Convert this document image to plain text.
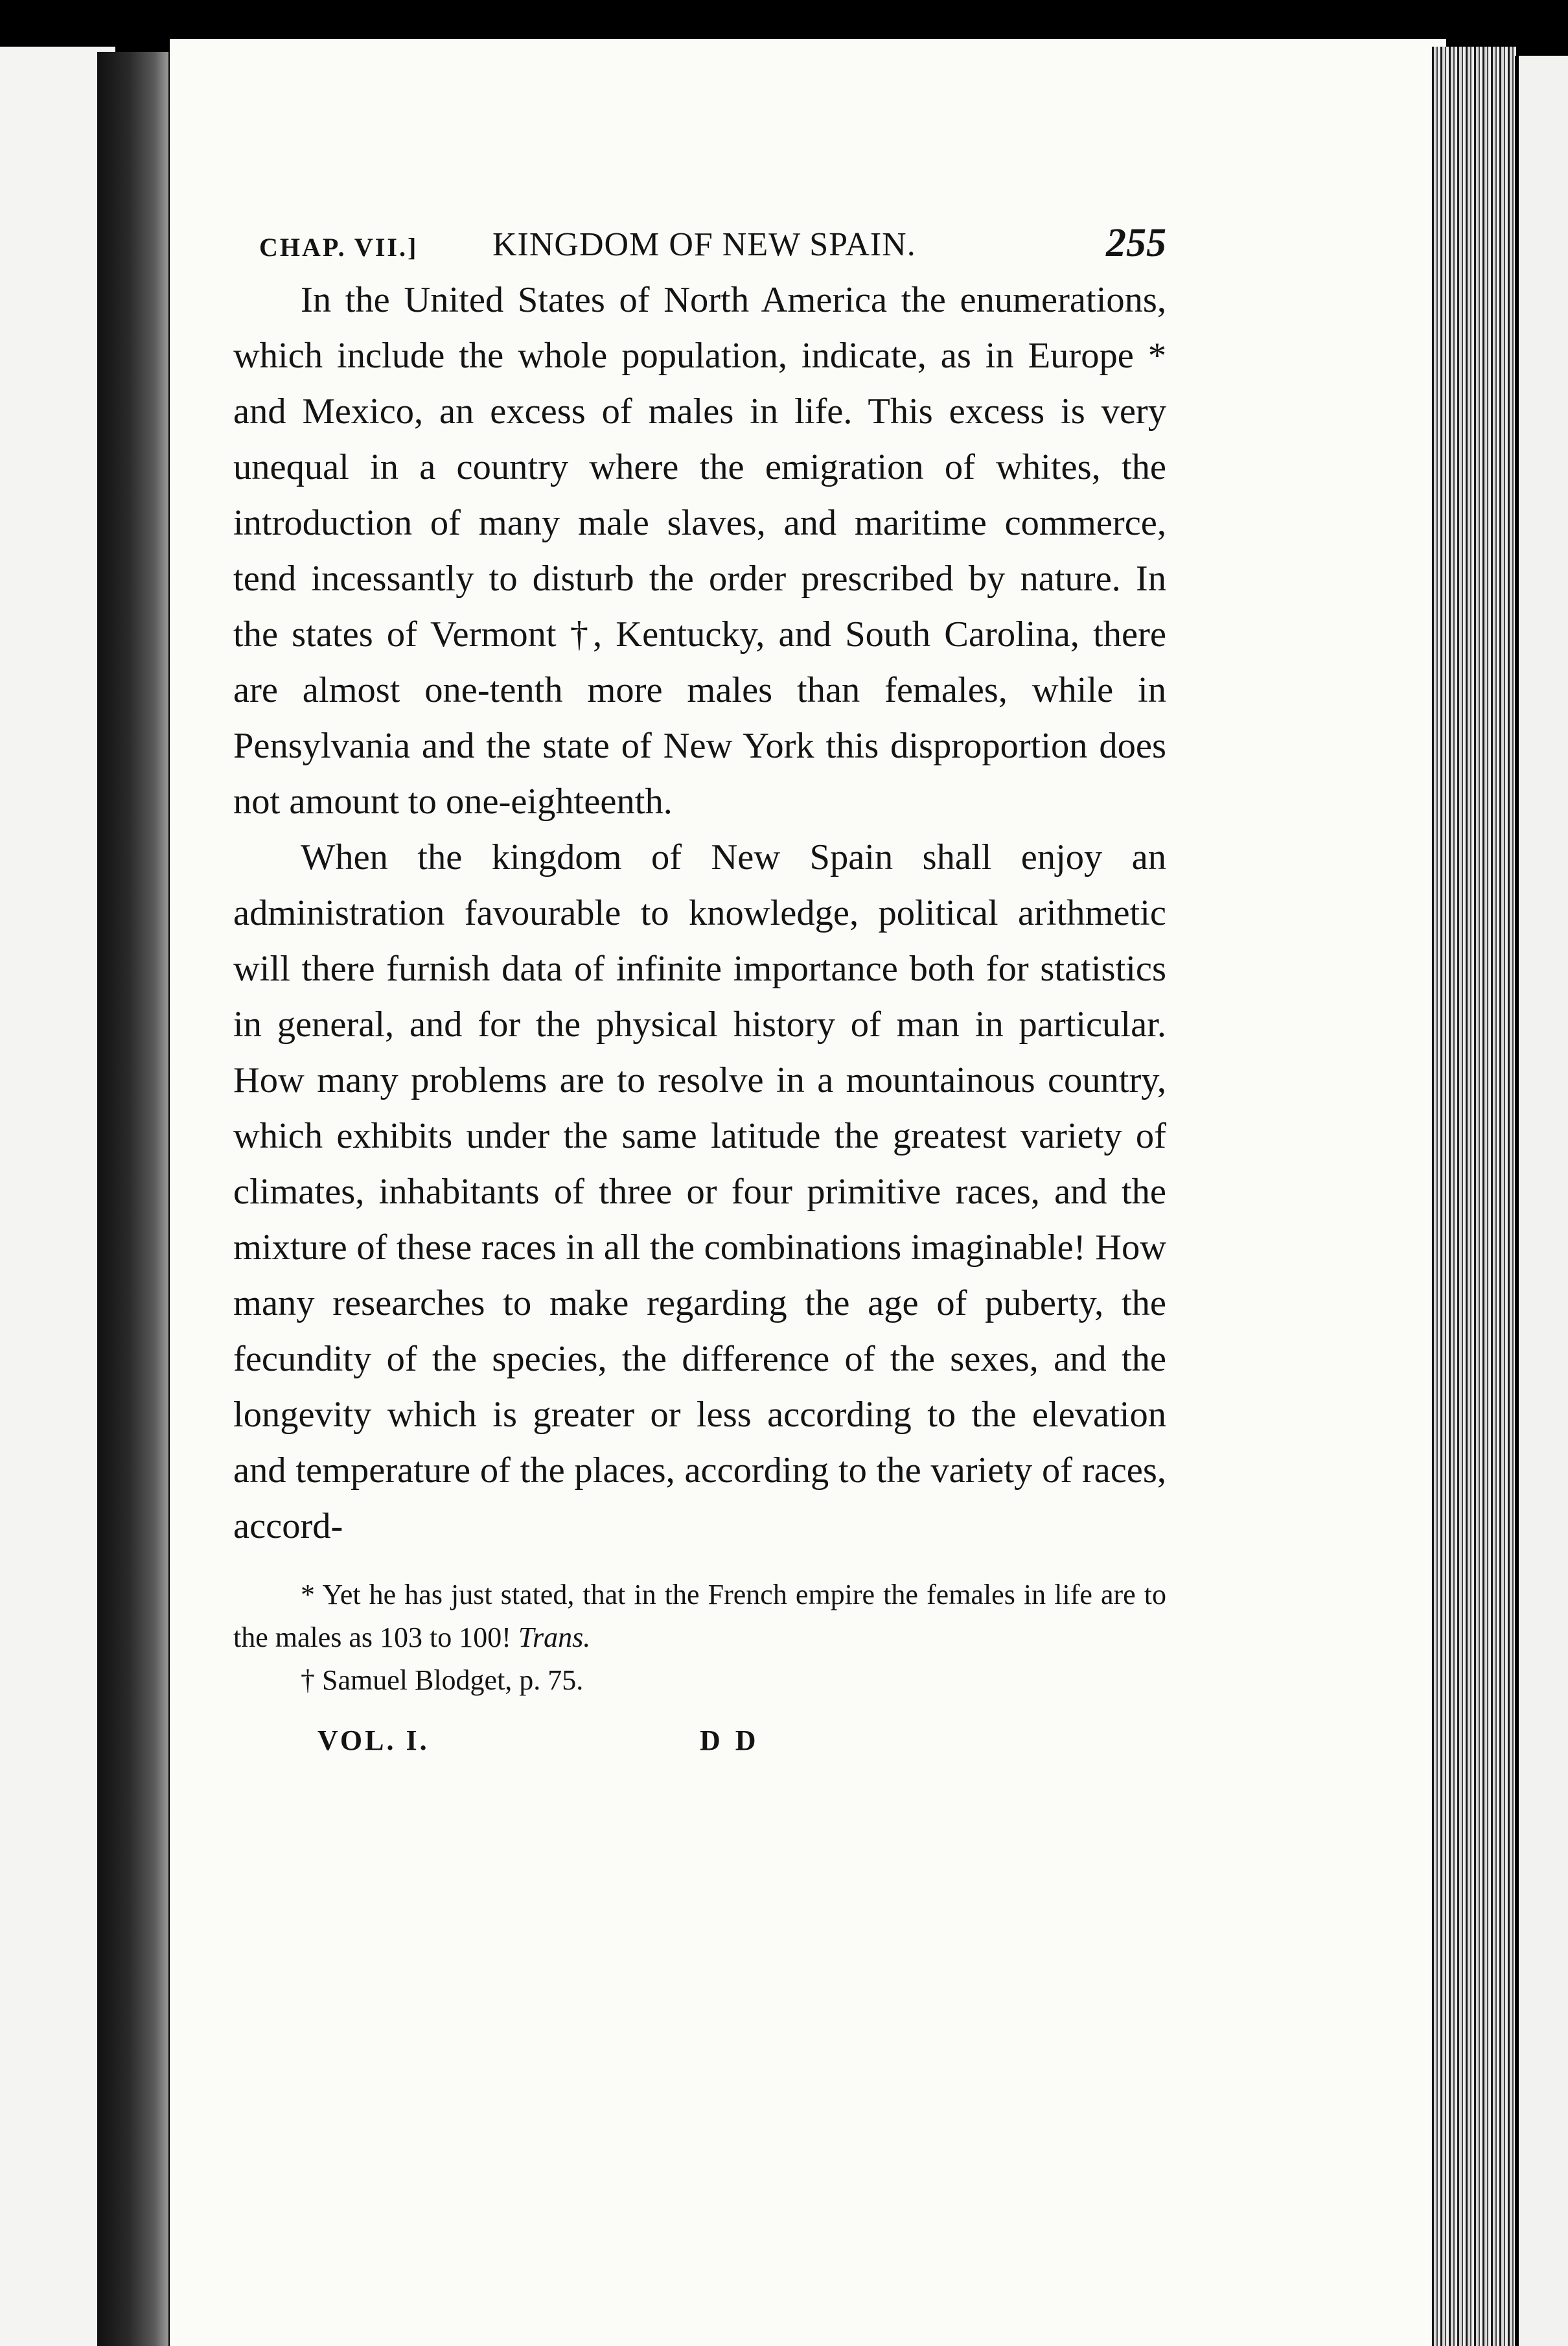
CHAP. VII.] KINGDOM OF NEW SPAIN.	255

In the United States of North America the enumerations, which include the whole population, indicate, as in Europe * and Mexico, an excess of males in life. This excess is very unequal in a country where the emigration of whites, the introduction of many male slaves, and maritime commerce, tend incessantly to disturb the order prescribed by nature. In the states of Vermont †, Kentucky, and South Carolina, there are almost one-tenth more males than females, while in Pensylvania and the state of New York this disproportion does not amount to one-eighteenth.

When the kingdom of New Spain shall enjoy an administration favourable to knowledge, political arithmetic will there furnish data of infinite importance both for statistics in general, and for the physical history of man in particular. How many problems are to resolve in a mountainous country, which exhibits under the same latitude the greatest variety of climates, inhabitants of three or four primitive races, and the mixture of these races in all the combinations imaginable! How many researches to make regarding the age of puberty, the fecundity of the species, the difference of the sexes, and the longevity which is greater or less according to the elevation and temperature of the places, according to the variety of races, accord-

* Yet he has just stated, that in the French empire the females in life are to the males as 103 to 100! Trans.

† Samuel Blodget, p. 75.

VOL. I.	D D
